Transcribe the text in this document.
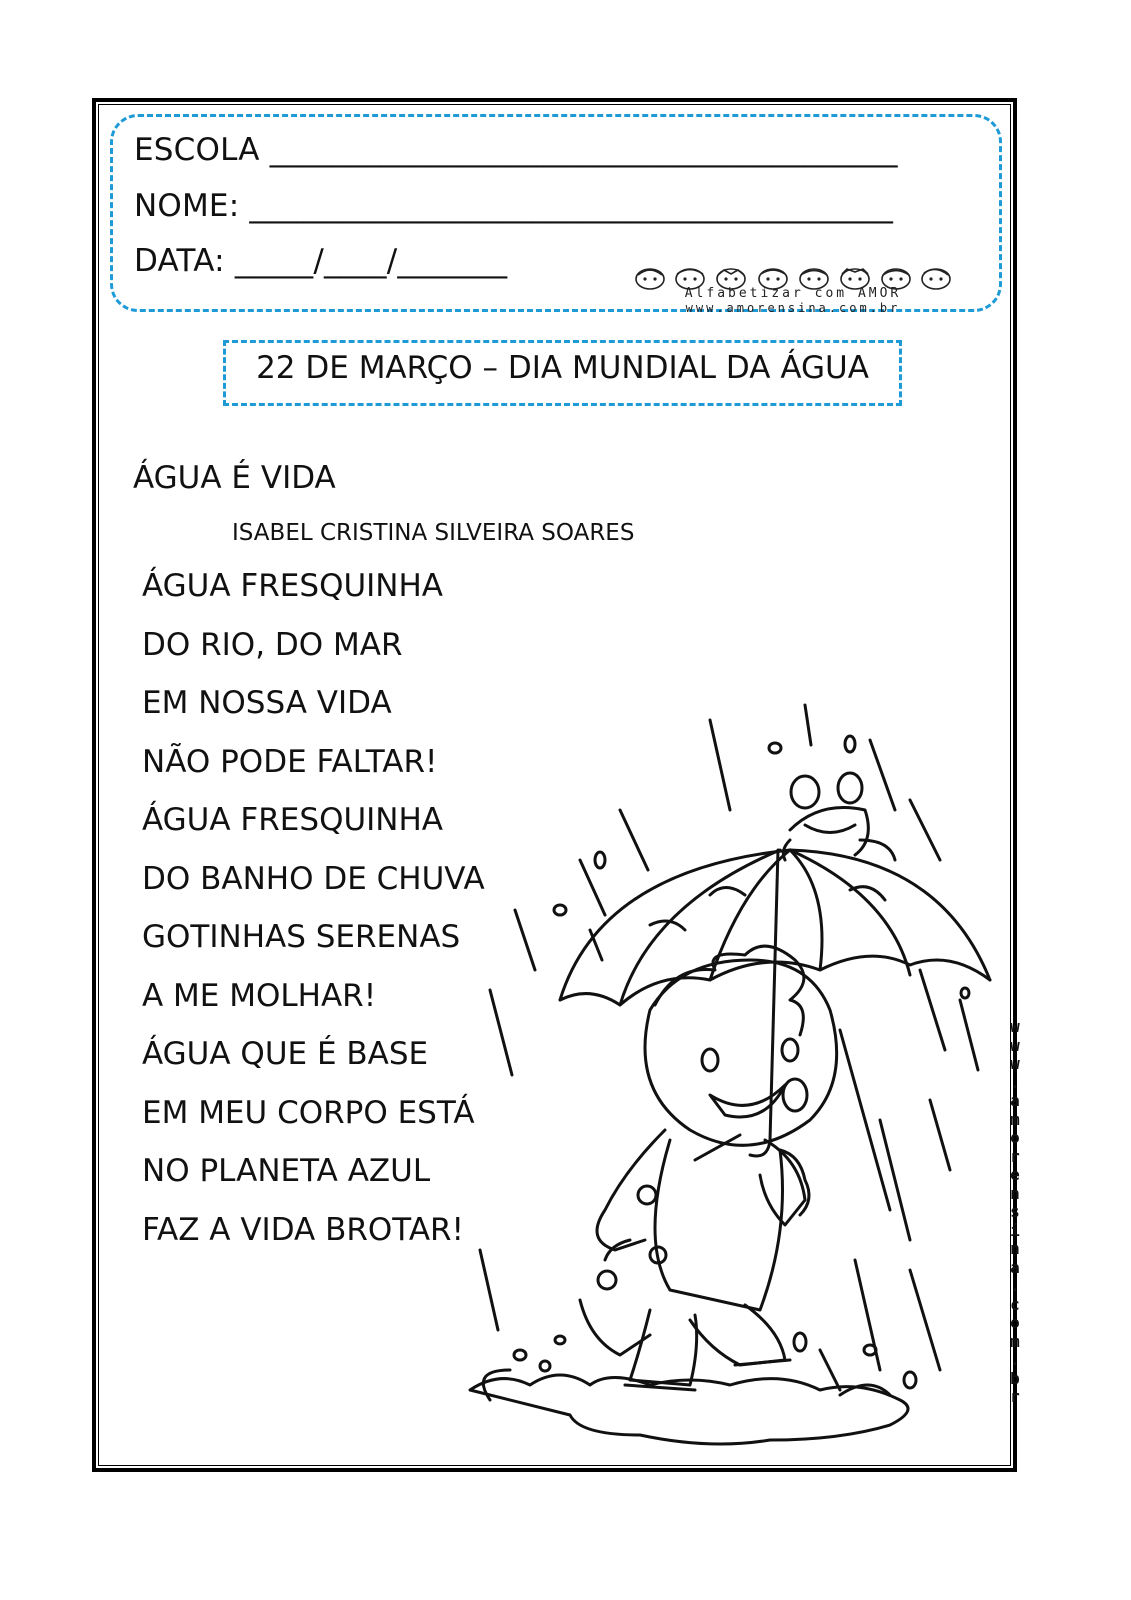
ESCOLA ________________________________________
NOME: _________________________________________
DATA: _____/____/_______
Alfabetizar com AMOR
www.amorensina.com.br
22 DE MARÇO – DIA MUNDIAL DA ÁGUA
ÁGUA É VIDA
ISABEL CRISTINA SILVEIRA SOARES
ÁGUA FRESQUINHA
DO RIO, DO MAR
EM NOSSA VIDA
NÃO PODE FALTAR!
ÁGUA FRESQUINHA
DO BANHO DE CHUVA
GOTINHAS SERENAS
A ME MOLHAR!
ÁGUA QUE É BASE
EM MEU CORPO ESTÁ
NO PLANETA AZUL
FAZ A VIDA BROTAR!
w
w
w
.
a
m
o
r
e
n
s
i
n
a
.
c
o
m
.
b
r
